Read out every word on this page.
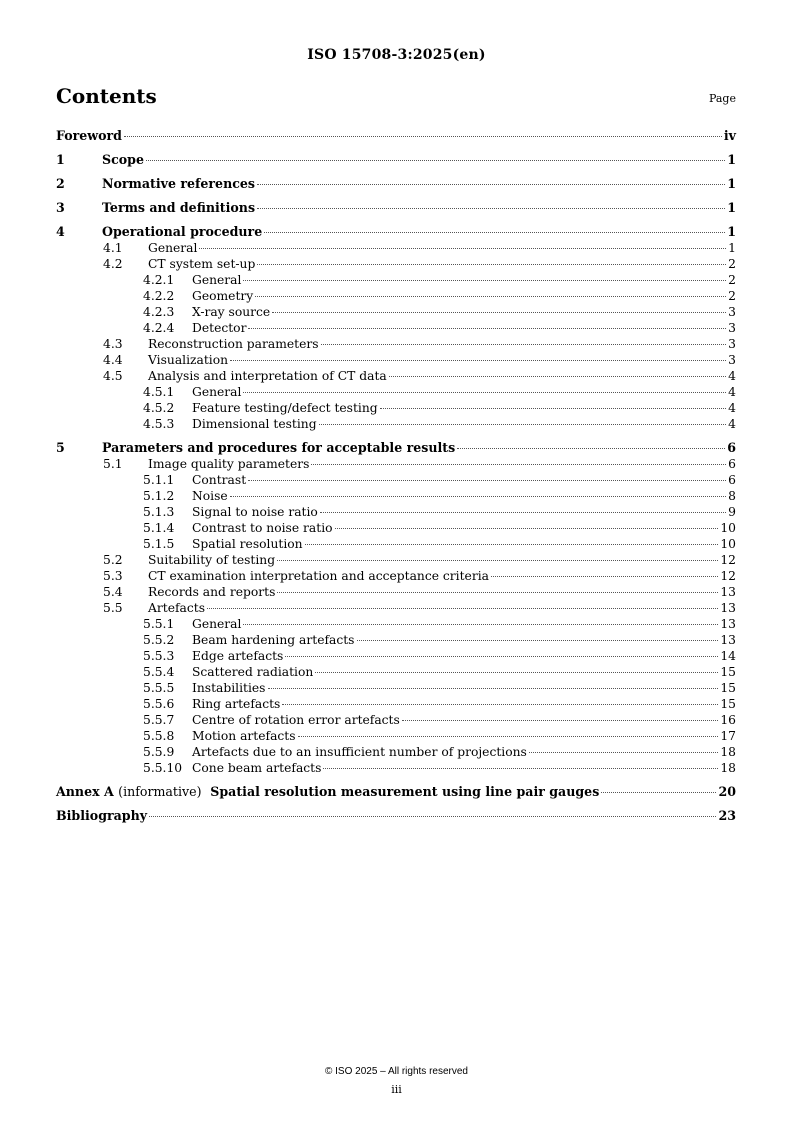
ISO 15708-3:2025(en)
Contents	Page
Foreword	iv
1	Scope	1
2	Normative references	1
3	Terms and definitions	1
4	Operational procedure	1
4.1	General	1
4.2	CT system set-up	2
4.2.1	General	2
4.2.2	Geometry	2
4.2.3	X-ray source	3
4.2.4	Detector	3
4.3	Reconstruction parameters	3
4.4	Visualization	3
4.5	Analysis and interpretation of CT data	4
4.5.1	General	4
4.5.2	Feature testing/defect testing	4
4.5.3	Dimensional testing	4
5	Parameters and procedures for acceptable results	6
5.1	Image quality parameters	6
5.1.1	Contrast	6
5.1.2	Noise	8
5.1.3	Signal to noise ratio	9
5.1.4	Contrast to noise ratio	10
5.1.5	Spatial resolution	10
5.2	Suitability of testing	12
5.3	CT examination interpretation and acceptance criteria	12
5.4	Records and reports	13
5.5	Artefacts	13
5.5.1	General	13
5.5.2	Beam hardening artefacts	13
5.5.3	Edge artefacts	14
5.5.4	Scattered radiation	15
5.5.5	Instabilities	15
5.5.6	Ring artefacts	15
5.5.7	Centre of rotation error artefacts	16
5.5.8	Motion artefacts	17
5.5.9	Artefacts due to an insufficient number of projections	18
5.5.10 Cone beam artefacts	18
Annex A (informative) Spatial resolution measurement using line pair gauges	20
Bibliography	23
© ISO 2025 – All rights reserved
iii
